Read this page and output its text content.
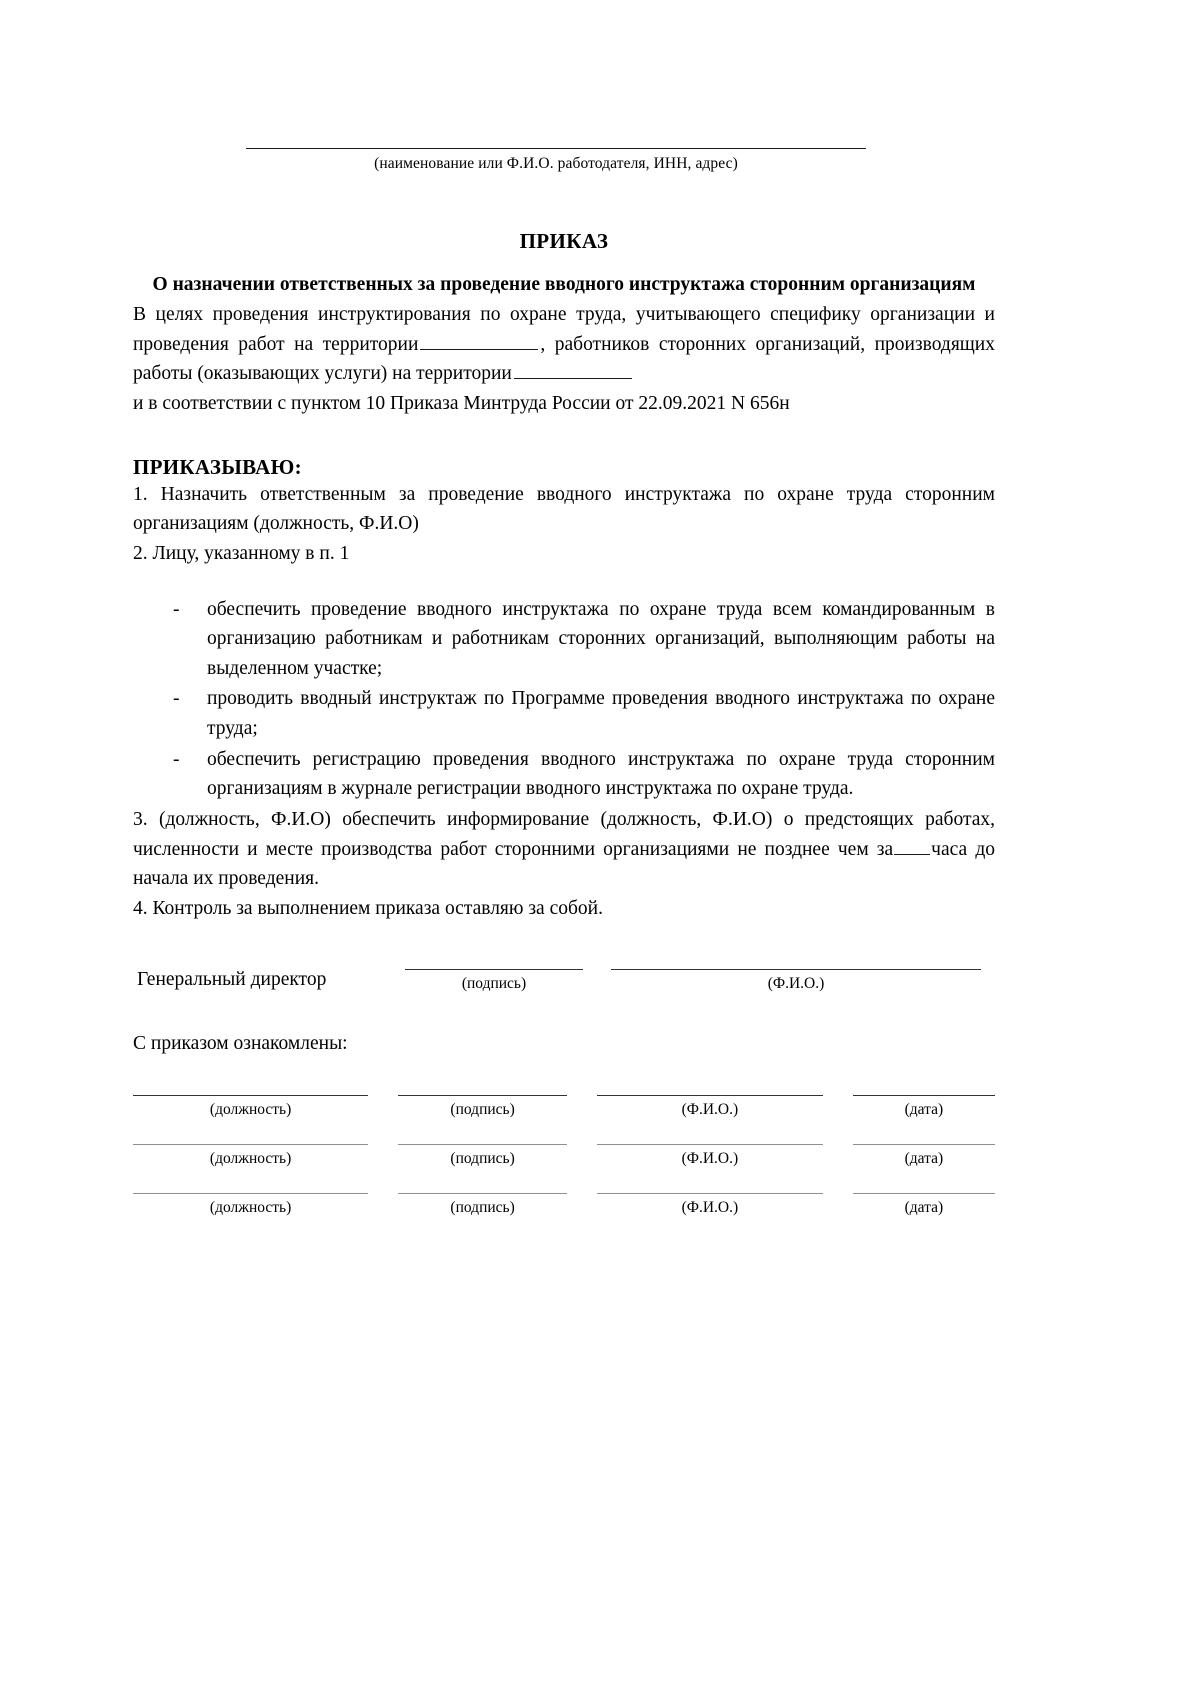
(наименование или Ф.И.О. работодателя, ИНН, адрес)
ПРИКАЗ
О назначении ответственных за проведение вводного инструктажа сторонним организациям

В целях проведения инструктирования по охране труда, учитывающего специфику организации и проведения работ на территории	, работников сторонних организаций, производящих работы (оказывающих услуги) на территории

и в соответствии с пунктом 10 Приказа Минтруда России от 22.09.2021 N 656н

ПРИКАЗЫВАЮ:

1. Назначить ответственным за проведение вводного инструктажа по охране труда сторонним организациям (должность, Ф.И.О)

2. Лицу, указанному в п. 1

- обеспечить проведение вводного инструктажа по охране труда всем командированным в организацию работникам и работникам сторонних организаций, выполняющим работы на выделенном участке;
- проводить вводный инструктаж по Программе проведения вводного инструктажа по охране труда;
- обеспечить регистрацию проведения вводного инструктажа по охране труда сторонним организациям в журнале регистрации вводного инструктажа по охране труда.

3. (должность, Ф.И.О) обеспечить информирование (должность, Ф.И.О) о предстоящих работах, численности и месте производства работ сторонними организациями не позднее чем за часа до начала их проведения.

4. Контроль за выполнением приказа оставляю за собой.

Генеральный директор	(подпись)	(Ф.И.О.)
С приказом ознакомлены:
(должность)	(подпись)	(Ф.И.О.)	(дата)
(должность)	(подпись)	(Ф.И.О.)	(дата)
(должность)	(подпись)	(Ф.И.О.)	(дата)
